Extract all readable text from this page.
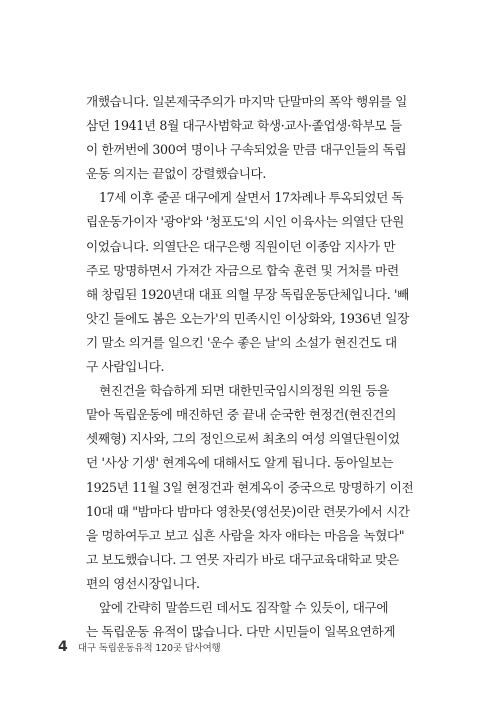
개했습니다. 일본제국주의가 마지막 단말마의 폭악 행위를 일
삼던 1941년 8월 대구사범학교 학생·교사·졸업생·학부모 들
이 한꺼번에 300여 명이나 구속되었을 만큼 대구인들의 독립
운동 의지는 끝없이 강렬했습니다.
17세 이후 줄곧 대구에게 살면서 17차례나 투옥되었던 독
립운동가이자 '광야'와 '청포도'의 시인 이육사는 의열단 단원
이었습니다. 의열단은 대구은행 직원이던 이종암 지사가 만
주로 망명하면서 가져간 자금으로 합숙 훈련 및 거처를 마련
해 창립된 1920년대 대표 의혈 무장 독립운동단체입니다. '빼
앗긴 들에도 봄은 오는가'의 민족시인 이상화와, 1936년 일장
기 말소 의거를 일으킨 '운수 좋은 날'의 소설가 현진건도 대
구 사람입니다.
현진건을 학습하게 되면 대한민국임시의정원 의원 등을
맡아 독립운동에 매진하던 중 끝내 순국한 현정건(현진건의
셋째형) 지사와, 그의 정인으로써 최초의 여성 의열단원이었
던 '사상 기생' 현계옥에 대해서도 알게 됩니다. 동아일보는
1925년 11월 3일 현정건과 현계옥이 중국으로 망명하기 이전
10대 때 "밤마다 밤마다 영찬못(영선못)이란 련못가에서 시간
을 멍하여두고 보고 십흔 사람을 차자 애타는 마음을 녹혔다"
고 보도했습니다. 그 연못 자리가 바로 대구교육대학교 맞은
편의 영선시장입니다.
앞에 간략히 말씀드린 데서도 짐작할 수 있듯이, 대구에
는 독립운동 유적이 많습니다. 다만 시민들이 일목요연하게
4 대구 독립운동유적 120곳 답사여행
